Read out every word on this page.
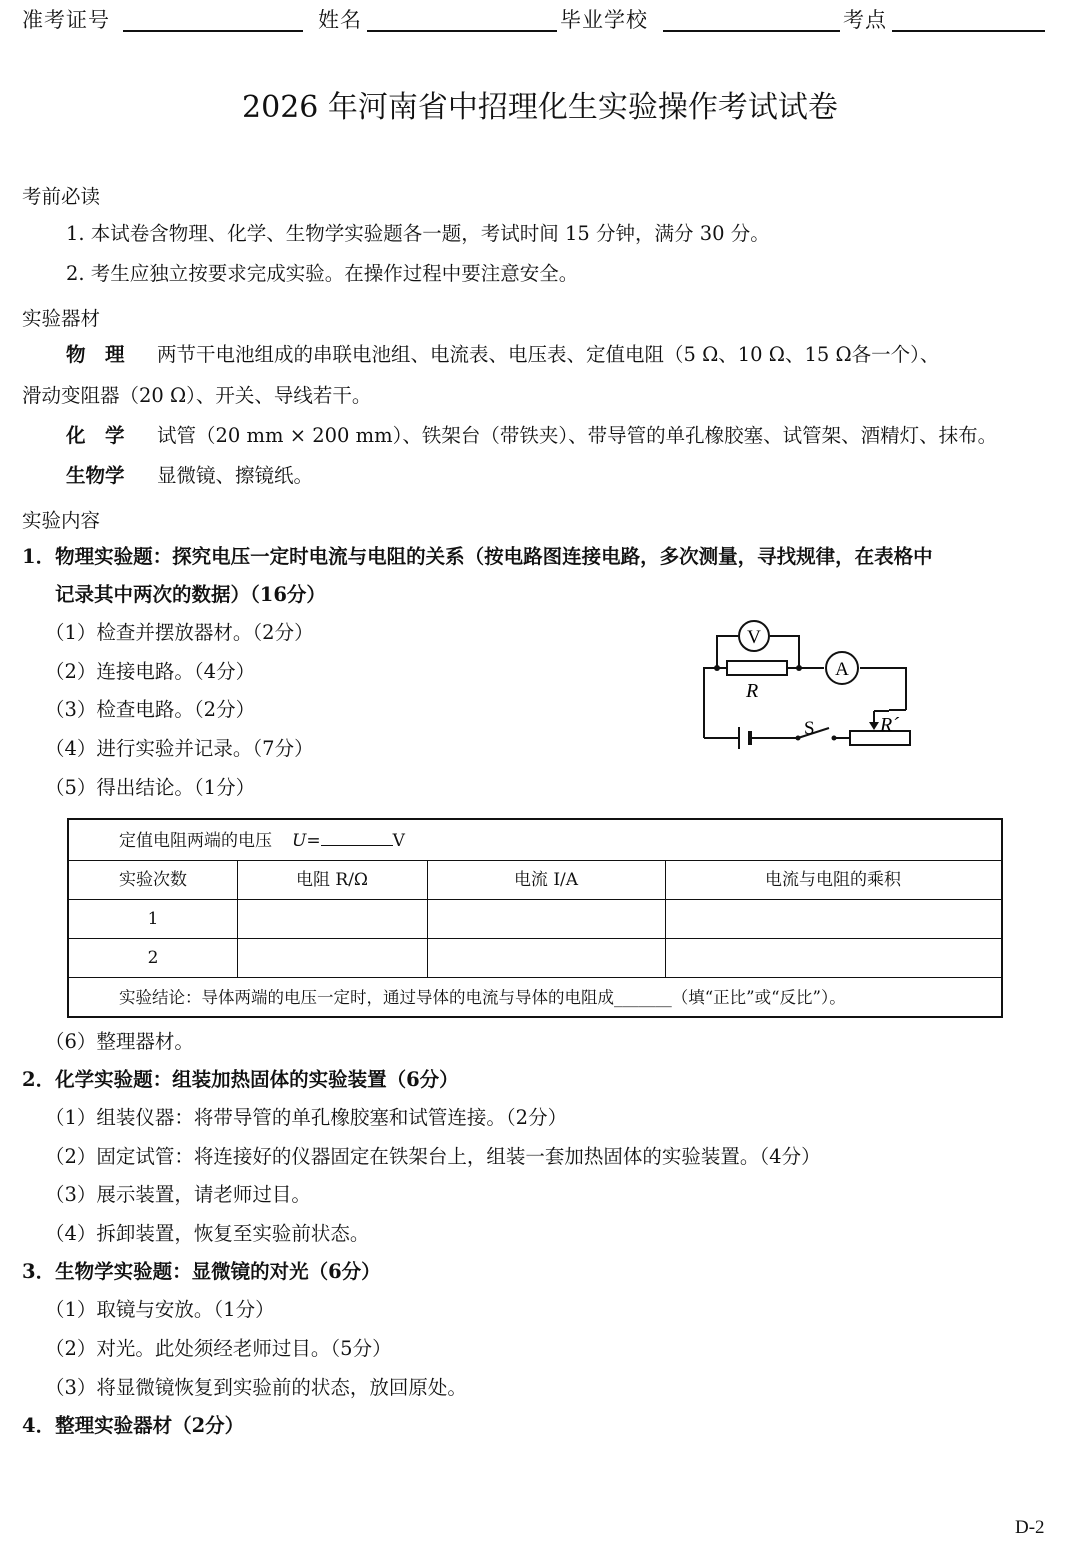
准考证号	姓名	毕业学校	考点
2026 年河南省中招理化生实验操作考试试卷
考前必读
1. 本试卷含物理、化学、生物学实验题各一题，考试时间 15 分钟，满分 30 分。
2. 考生应独立按要求完成实验。在操作过程中要注意安全。
实验器材
物　理 两节干电池组成的串联电池组、电流表、电压表、定值电阻（5 Ω、10 Ω、15 Ω各一个）、
滑动变阻器（20 Ω）、开关、导线若干。
化　学 试管（20 mm × 200 mm）、铁架台（带铁夹）、带导管的单孔橡胶塞、试管架、酒精灯、抹布。
生物学 显微镜、擦镜纸。
实验内容
1．物理实验题：探究电压一定时电流与电阻的关系（按电路图连接电路，多次测量，寻找规律，在表格中
记录其中两次的数据）（16分）
（1）检查并摆放器材。（2分）
（2）连接电路。（4分）
（3）检查电路。（2分）
（4）进行实验并记录。（7分）
（5）得出结论。（1分）
V
A
R
S	R´
定值电阻两端的电压 U=	V
实验次数	电阻 R/Ω	电流 I/A	电流与电阻的乘积
1
2
实验结论：导体两端的电压一定时，通过导体的电流与导体的电阻成_______（填“正比”或“反比”）。
（6）整理器材。
2．化学实验题：组装加热固体的实验装置（6分）
（1）组装仪器：将带导管的单孔橡胶塞和试管连接。（2分）
（2）固定试管：将连接好的仪器固定在铁架台上，组装一套加热固体的实验装置。（4分）
（3）展示装置，请老师过目。
（4）拆卸装置，恢复至实验前状态。
3．生物学实验题：显微镜的对光（6分）
（1）取镜与安放。（1分）
（2）对光。此处须经老师过目。（5分）
（3）将显微镜恢复到实验前的状态，放回原处。
4．整理实验器材（2分）
D-2
